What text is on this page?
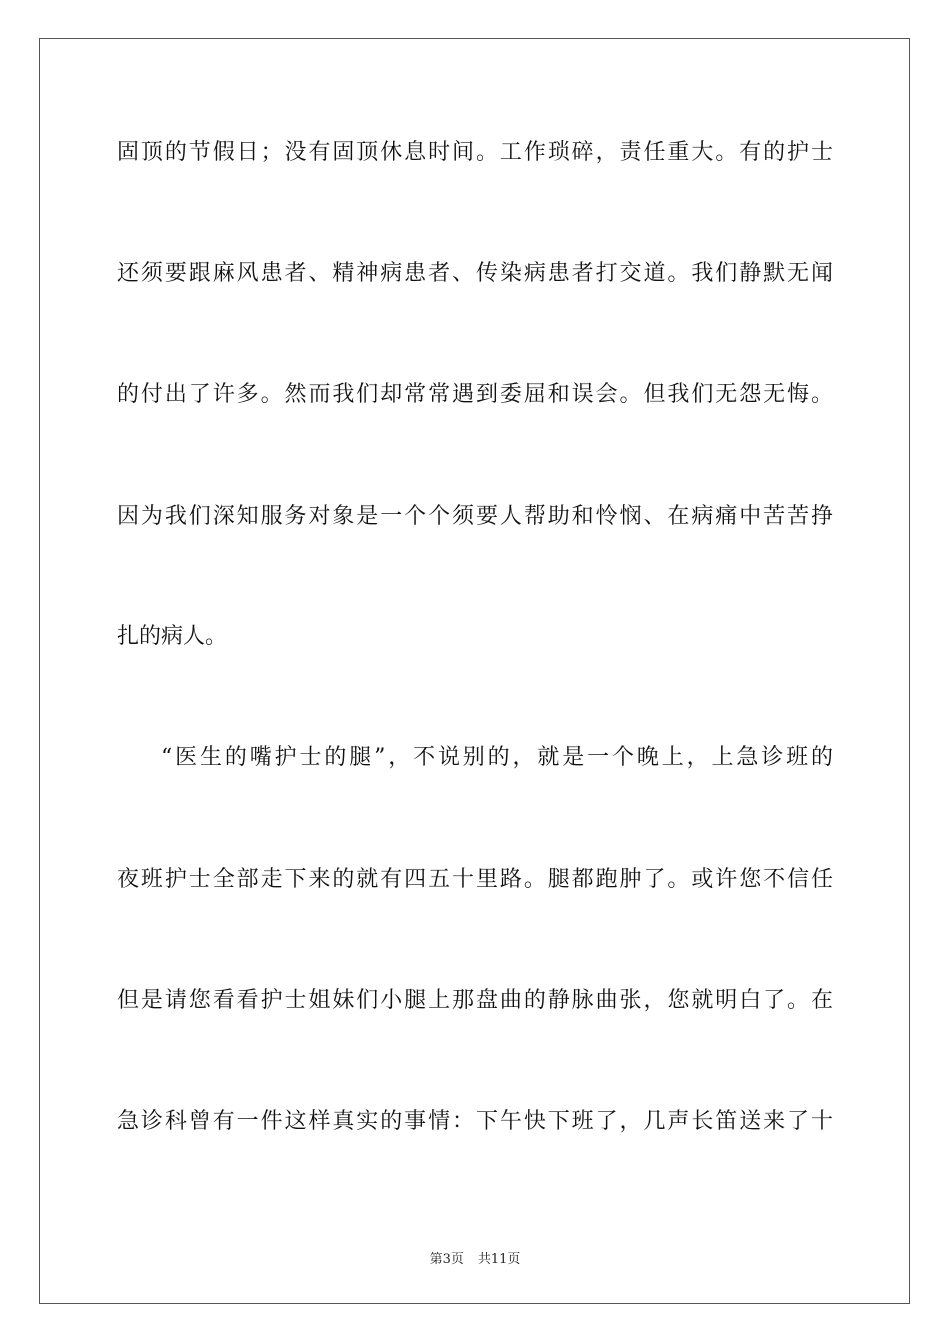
固顶的节假日；没有固顶休息时间。工作琐碎，责任重大。有的护士
还须要跟麻风患者、精神病患者、传染病患者打交道。我们静默无闻
的付出了许多。然而我们却常常遇到委屈和误会。但我们无怨无悔。
因为我们深知服务对象是一个个须要人帮助和怜悯、在病痛中苦苦挣
扎的病人。
“医生的嘴护士的腿”，不说别的，就是一个晚上，上急诊班的
夜班护士全部走下来的就有四五十里路。腿都跑肿了。或许您不信任
但是请您看看护士姐妹们小腿上那盘曲的静脉曲张，您就明白了。在
急诊科曾有一件这样真实的事情：下午快下班了，几声长笛送来了十
第3页 共11页
